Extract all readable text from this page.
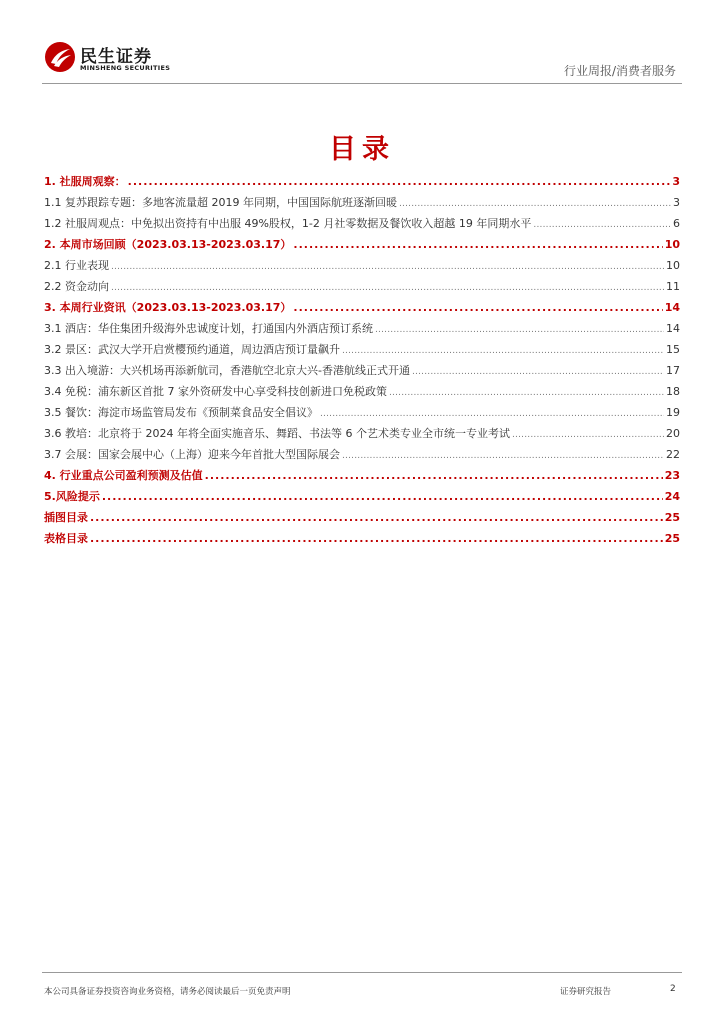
民生证券
MINSHENG SECURITIES	行业周报/消费者服务
目录
1. 社服周观察： .....	3
1.1 复苏跟踪专题：多地客流量超 2019 年同期，中国国际航班逐渐回暖 .....	3
1.2 社服周观点：中免拟出资持有中出服 49%股权，1-2 月社零数据及餐饮收入超越 19 年同期水平 .....	6
2. 本周市场回顾（2023.03.13-2023.03.17） .....	10
2.1 行业表现 .....	10
2.2 资金动向 .....	11
3. 本周行业资讯（2023.03.13-2023.03.17） .....	14
3.1 酒店：华住集团升级海外忠诚度计划，打通国内外酒店预订系统 .....	14
3.2 景区：武汉大学开启赏樱预约通道，周边酒店预订量飙升 .....	15
3.3 出入境游：大兴机场再添新航司，香港航空北京大兴-香港航线正式开通 .....	17
3.4 免税：浦东新区首批 7 家外资研发中心享受科技创新进口免税政策 .....	18
3.5 餐饮：海淀市场监管局发布《预制菜食品安全倡议》 .....	19
3.6 教培：北京将于 2024 年将全面实施音乐、舞蹈、书法等 6 个艺术类专业全市统一专业考试 .....	20
3.7 会展：国家会展中心（上海）迎来今年首批大型国际展会 .....	22
4. 行业重点公司盈利预测及估值 .....	23
5.风险提示 .....	24
插图目录 .....	25
表格目录 .....	25
本公司具备证券投资咨询业务资格，请务必阅读最后一页免责声明	证券研究报告	2
